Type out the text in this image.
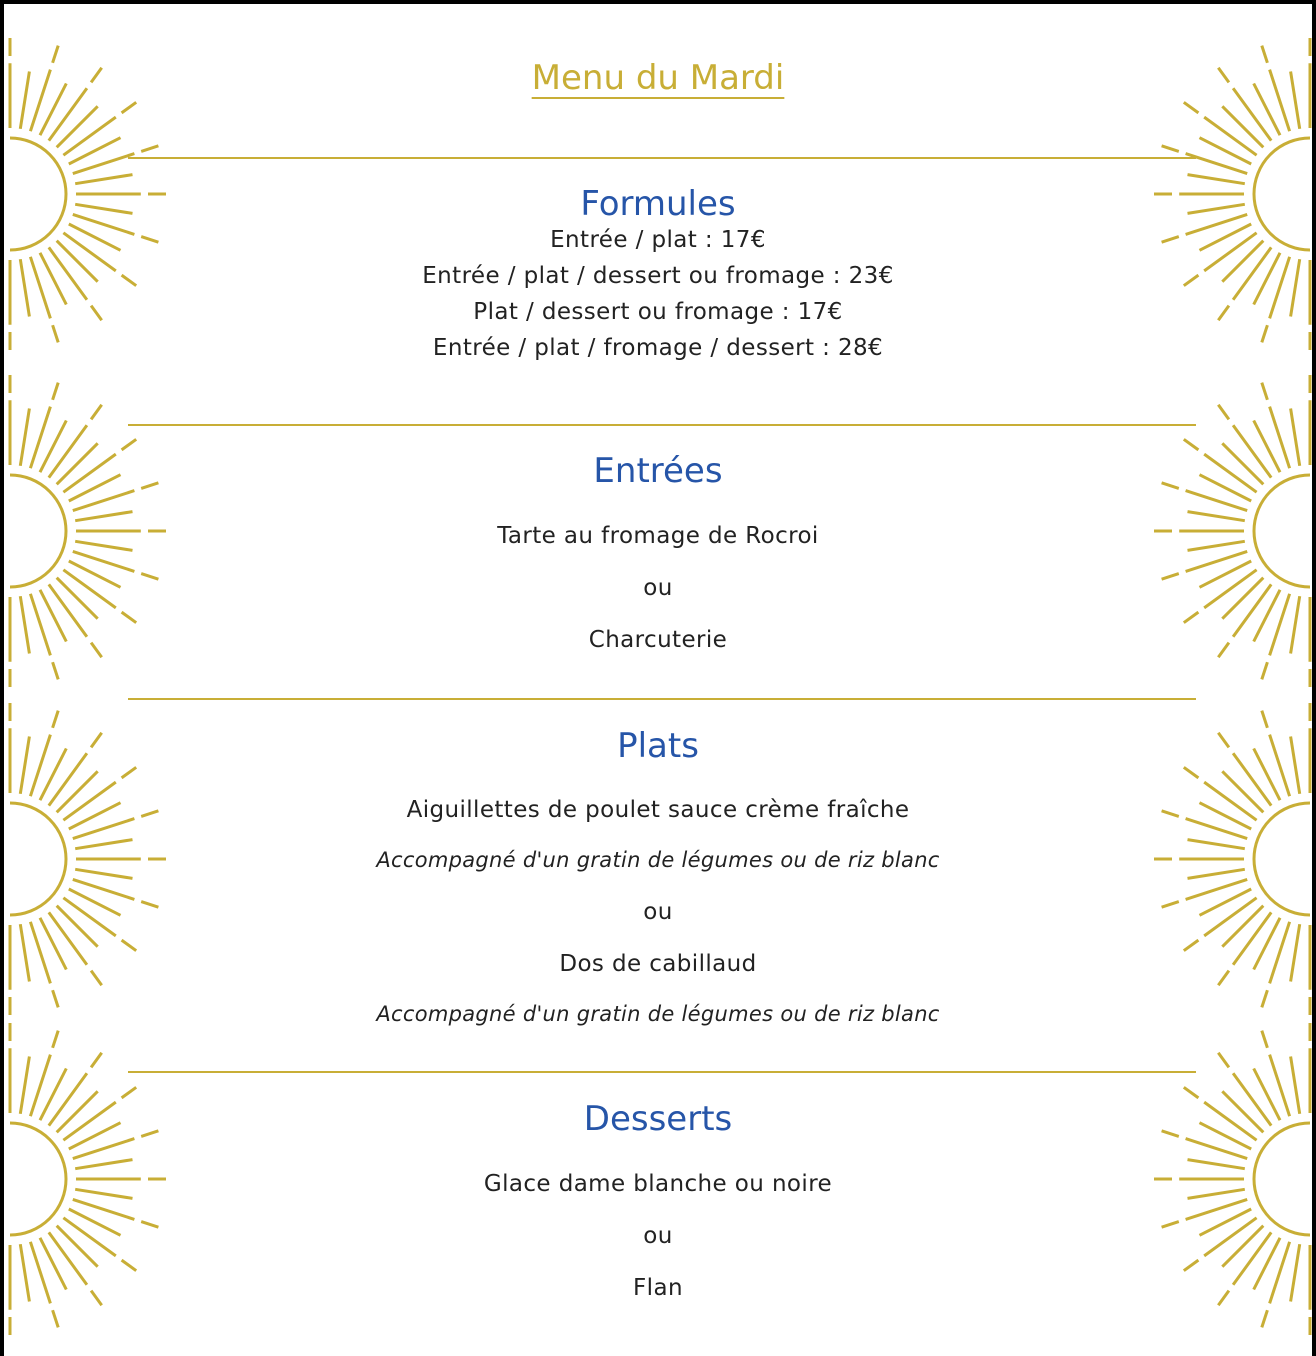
Menu du Mardi
Formules
Entrée / plat : 17€
Entrée / plat / dessert ou fromage : 23€
Plat / dessert ou fromage : 17€
Entrée / plat / fromage / dessert : 28€
Entrées
Tarte au fromage de Rocroi
ou
Charcuterie
Plats
Aiguillettes de poulet sauce crème fraîche
Accompagné d'un gratin de légumes ou de riz blanc
ou
Dos de cabillaud
Accompagné d'un gratin de légumes ou de riz blanc
Desserts
Glace dame blanche ou noire
ou
Flan
